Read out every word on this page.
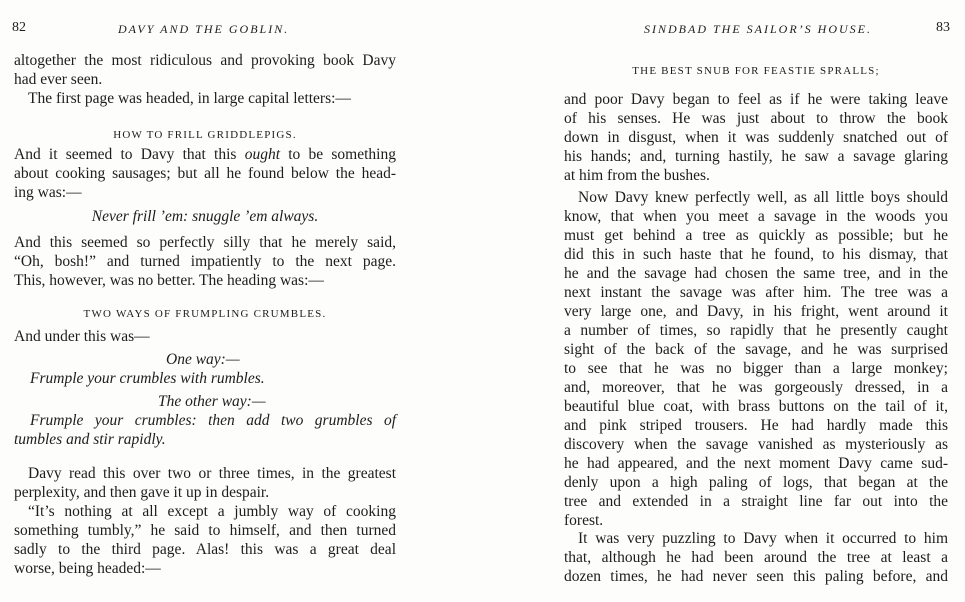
82	DAVY AND THE GOBLIN.
altogether the most ridiculous and provoking book Davy
had ever seen.
The first page was headed, in large capital letters:—
HOW TO FRILL GRIDDLEPIGS.
And it seemed to Davy that this ought to be something
about cooking sausages; but all he found below the head-
ing was:—
Never frill ’em: snuggle ’em always.
And this seemed so perfectly silly that he merely said,
“Oh, bosh!” and turned impatiently to the next page.
This, however, was no better. The heading was:—
TWO WAYS OF FRUMPLING CRUMBLES.
And under this was—
One way:—
Frumple your crumbles with rumbles.
The other way:—
Frumple your crumbles: then add two grumbles of
tumbles and stir rapidly.
Davy read this over two or three times, in the greatest
perplexity, and then gave it up in despair.
“It’s nothing at all except a jumbly way of cooking
something tumbly,” he said to himself, and then turned
sadly to the third page. Alas! this was a great deal
worse, being headed:—
SINDBAD THE SAILOR’S HOUSE.	83
THE BEST SNUB FOR FEASTIE SPRALLS;
and poor Davy began to feel as if he were taking leave
of his senses. He was just about to throw the book
down in disgust, when it was suddenly snatched out of
his hands; and, turning hastily, he saw a savage glaring
at him from the bushes.
Now Davy knew perfectly well, as all little boys should
know, that when you meet a savage in the woods you
must get behind a tree as quickly as possible; but he
did this in such haste that he found, to his dismay, that
he and the savage had chosen the same tree, and in the
next instant the savage was after him. The tree was a
very large one, and Davy, in his fright, went around it
a number of times, so rapidly that he presently caught
sight of the back of the savage, and he was surprised
to see that he was no bigger than a large monkey;
and, moreover, that he was gorgeously dressed, in a
beautiful blue coat, with brass buttons on the tail of it,
and pink striped trousers. He had hardly made this
discovery when the savage vanished as mysteriously as
he had appeared, and the next moment Davy came sud-
denly upon a high paling of logs, that began at the
tree and extended in a straight line far out into the
forest.
It was very puzzling to Davy when it occurred to him
that, although he had been around the tree at least a
dozen times, he had never seen this paling before, and
